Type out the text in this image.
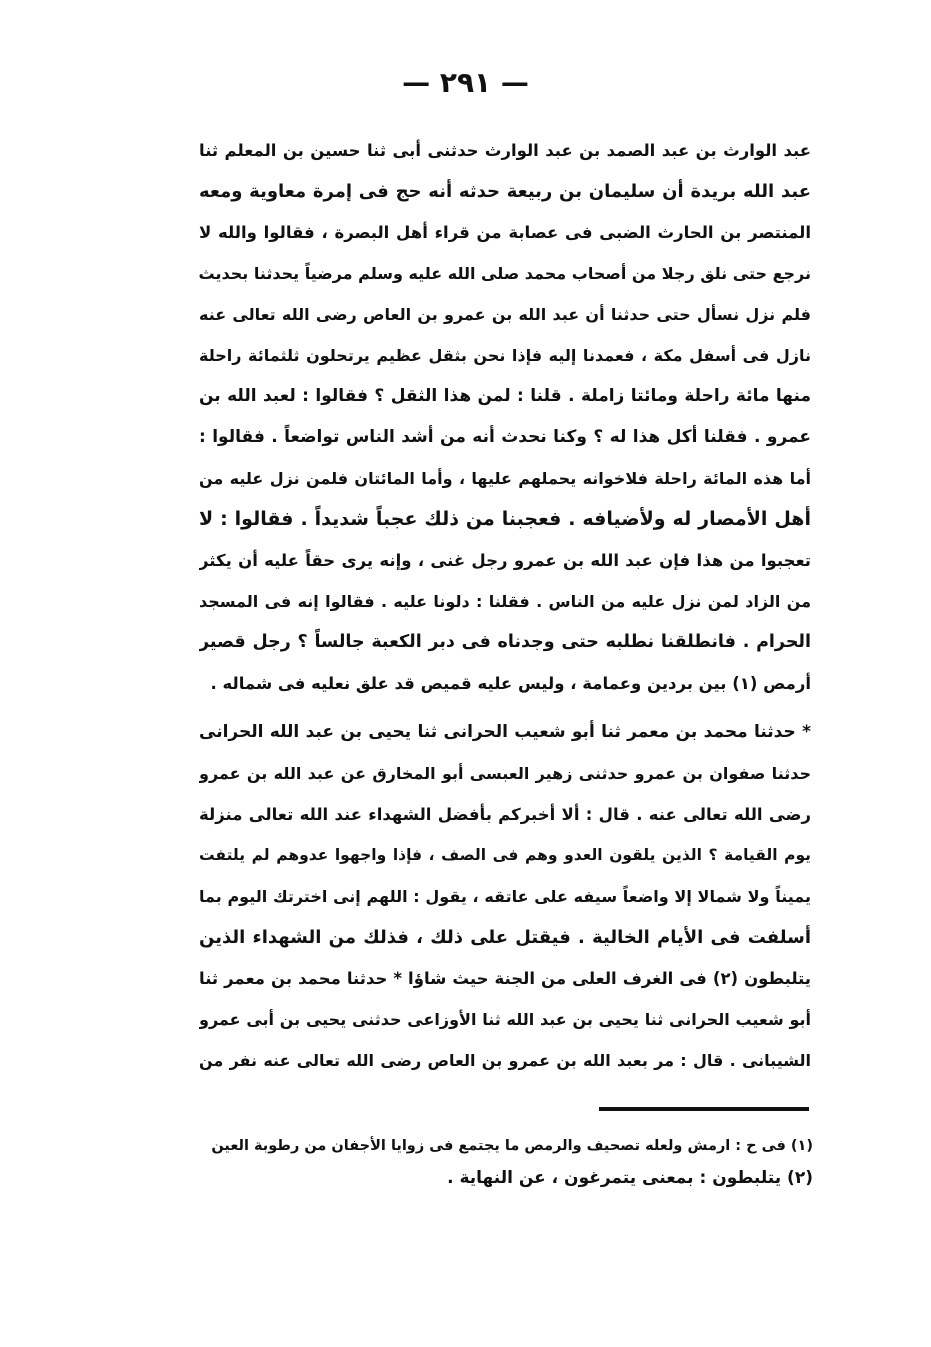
— ٢٩١ —
عبد الوارث بن عبد الصمد بن عبد الوارث حدثنى أبى ثنا حسين بن المعلم ثنا
عبد الله بريدة أن سليمان بن ربيعة حدثه أنه حج فى إمرة معاوية ومعه
المنتصر بن الحارث الضبى فى عصابة من قراء أهل البصرة ، فقالوا والله لا
نرجع حتى نلق رجلا من أصحاب محمد صلى الله عليه وسلم مرضياً يحدثنا بحديث
فلم نزل نسأل حتى حدثنا أن عبد الله بن عمرو بن العاص رضى الله تعالى عنه
نازل فى أسفل مكة ، فعمدنا إليه فإذا نحن بثقل عظيم يرتحلون ثلثمائة راحلة
منها مائة راحلة ومائتا زاملة . قلنا : لمن هذا الثقل ؟ فقالوا : لعبد الله بن
عمرو . فقلنا أكل هذا له ؟ وكنا نحدث أنه من أشد الناس تواضعاً . فقالوا :
أما هذه المائة راحلة فلاخوانه يحملهم عليها ، وأما المائتان فلمن نزل عليه من
أهل الأمصار له ولأضيافه . فعجبنا من ذلك عجباً شديداً . فقالوا : لا
تعجبوا من هذا فإن عبد الله بن عمرو رجل غنى ، وإنه يرى حقاً عليه أن يكثر
من الزاد لمن نزل عليه من الناس . فقلنا : دلونا عليه . فقالوا إنه فى المسجد
الحرام . فانطلقنا نطلبه حتى وجدناه فى دبر الكعبة جالساً ؟ رجل قصير
أرمص (١) بين بردين وعمامة ، وليس عليه قميص قد علق نعليه فى شماله .
* حدثنا محمد بن معمر ثنا أبو شعيب الحرانى ثنا يحيى بن عبد الله الحرانى
حدثنا صفوان بن عمرو حدثنى زهير العبسى أبو المخارق عن عبد الله بن عمرو
رضى الله تعالى عنه . قال : ألا أخبركم بأفضل الشهداء عند الله تعالى منزلة
يوم القيامة ؟ الذين يلقون العدو وهم فى الصف ، فإذا واجهوا عدوهم لم يلتفت
يميناً ولا شمالا إلا واضعاً سيفه على عاتقه ، يقول : اللهم إنى اخترتك اليوم بما
أسلفت فى الأيام الخالية . فيقتل على ذلك ، فذلك من الشهداء الذين
يتلبطون (٢) فى الغرف العلى من الجنة حيث شاؤا * حدثنا محمد بن معمر ثنا
أبو شعيب الحرانى ثنا يحيى بن عبد الله ثنا الأوزاعى حدثنى يحيى بن أبى عمرو
الشيبانى . قال : مر بعبد الله بن عمرو بن العاص رضى الله تعالى عنه نفر من
(١) فى ح : ارمش ولعله تصحيف والرمص ما يجتمع فى زوايا الأجفان من رطوبة العين
(٢) يتلبطون : بمعنى يتمرغون ، عن النهاية .
